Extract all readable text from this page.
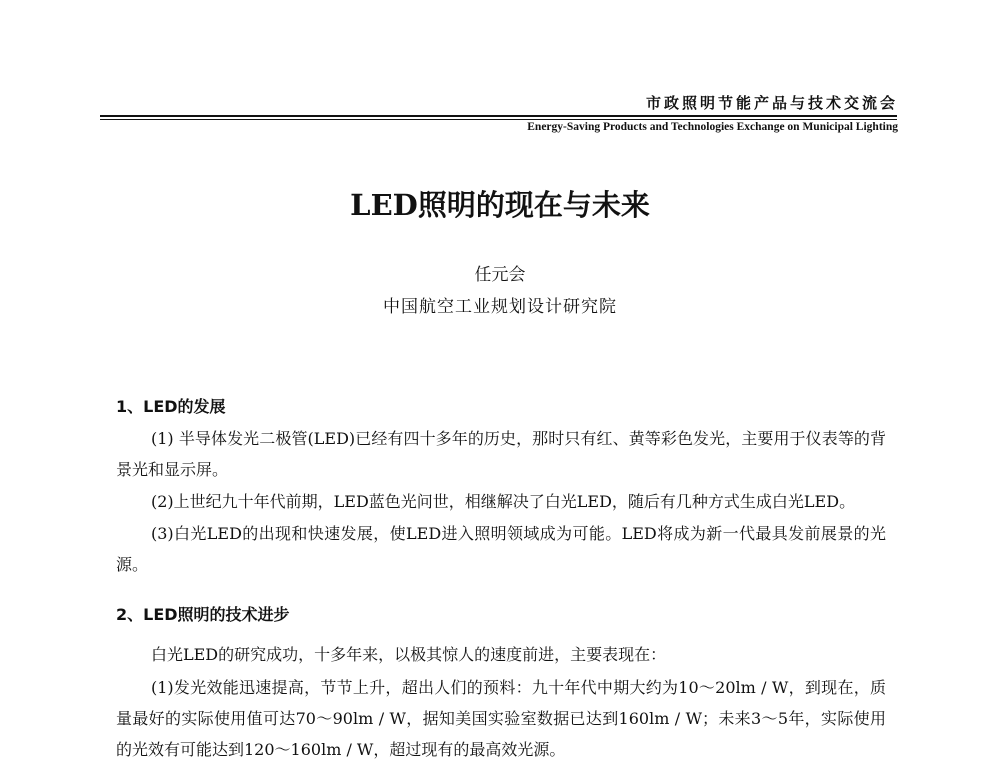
市政照明节能产品与技术交流会
Energy-Saving Products and Technologies Exchange on Municipal Lighting
LED照明的现在与未来
任元会
中国航空工业规划设计研究院
1、LED的发展
(1) 半导体发光二极管(LED)已经有四十多年的历史，那时只有红、黄等彩色发光，主要用于仪表等的背景光和显示屏。
(2)上世纪九十年代前期，LED蓝色光问世，相继解决了白光LED，随后有几种方式生成白光LED。
(3)白光LED的出现和快速发展，使LED进入照明领域成为可能。LED将成为新一代最具发前展景的光源。
2、LED照明的技术进步
白光LED的研究成功，十多年来，以极其惊人的速度前进，主要表现在：
(1)发光效能迅速提高，节节上升，超出人们的预料：九十年代中期大约为10～20lm / W，到现在，质量最好的实际使用值可达70～90lm / W，据知美国实验室数据已达到160lm / W；未来3～5年，实际使用的光效有可能达到120～160lm / W，超过现有的最高效光源。
